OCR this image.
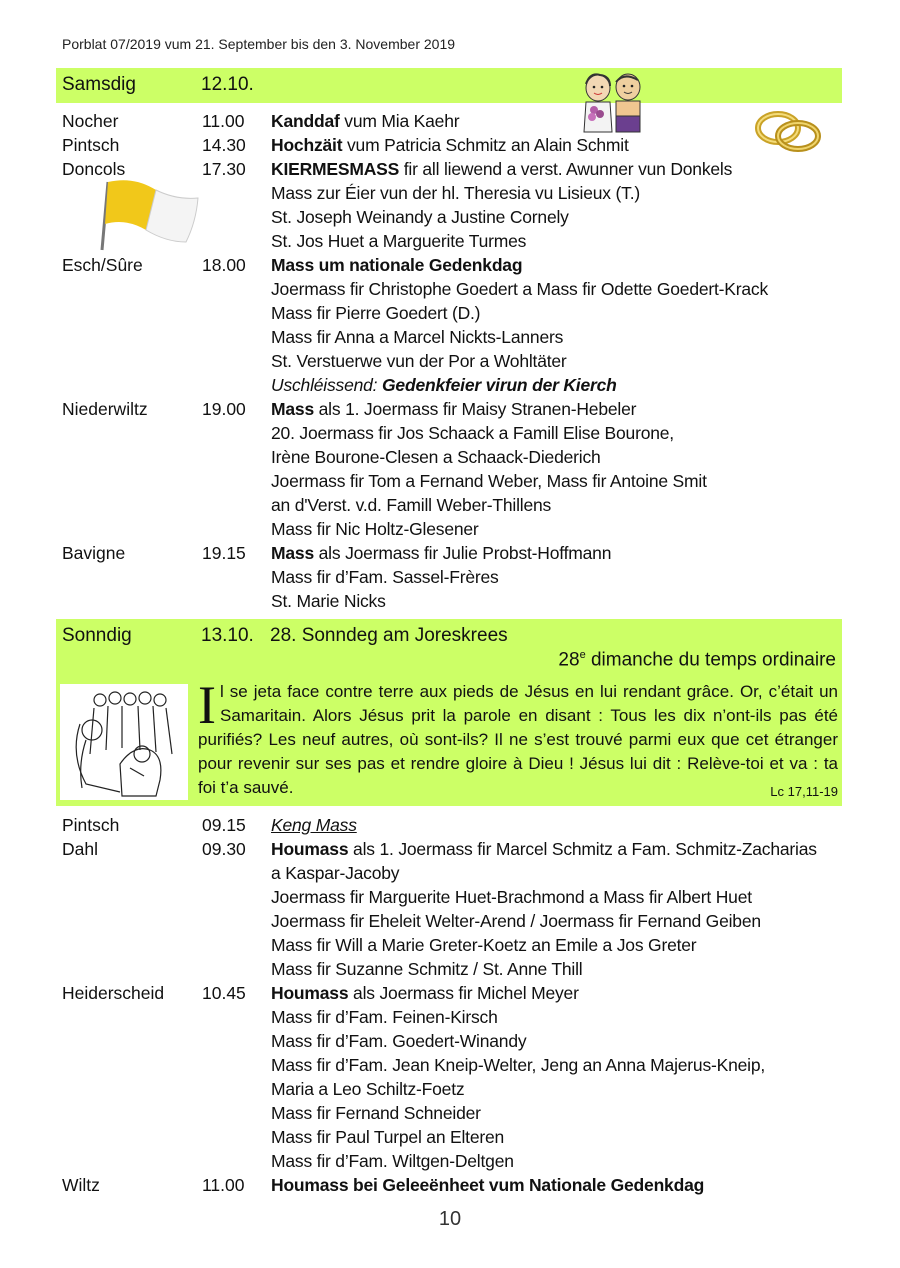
Porblat 07/2019 vum 21. September bis den 3. November 2019
Samsdig	12.10.
Nocher	11.00 Kanddaf vum Mia Kaehr
Pintsch	14.30 Hochzäit vum Patricia Schmitz an Alain Schmit
Doncols	17.30 KIERMESMASS fir all liewend a verst. Awunner vun Donkels
Mass zur Éier vun der hl. Theresia vu Lisieux (T.)
St. Joseph Weinandy a Justine Cornely
St. Jos Huet a Marguerite Turmes
Esch/Sûre	18.00 Mass um nationale Gedenkdag
Joermass fir Christophe Goedert a Mass fir Odette Goedert-Krack
Mass fir Pierre Goedert (D.)
Mass fir Anna a Marcel Nickts-Lanners
St. Verstuerwe vun der Por a Wohltäter
Uschléissend: Gedenkfeier virun der Kierch
Niederwiltz	19.00 Mass als 1. Joermass fir Maisy Stranen-Hebeler
20. Joermass fir Jos Schaack a Famill Elise Bourone,
Irène Bourone-Clesen a Schaack-Diederich
Joermass fir Tom a Fernand Weber, Mass fir Antoine Smit
an d'Verst. v.d. Famill Weber-Thillens
Mass fir Nic Holtz-Glesener
Bavigne	19.15 Mass als Joermass fir Julie Probst-Hoffmann
Mass fir d’Fam. Sassel-Frères
St. Marie Nicks
Sonndig	13.10. 28. Sonndeg am Joreskrees
28e dimanche du temps ordinaire
Il se jeta face contre terre aux pieds de Jésus en lui rendant grâce. Or, c’était un Samaritain. Alors Jésus prit la parole en disant : Tous les dix n’ont-ils pas été purifiés? Les neuf autres, où sont-ils? Il ne s’est trouvé parmi eux que cet étranger pour revenir sur ses pas et rendre gloire à Dieu ! Jésus lui dit : Relève-toi et va : ta foi t’a sauvé.	Lc 17,11-19
Pintsch	09.15 Keng Mass
Dahl	09.30 Houmass als 1. Joermass fir Marcel Schmitz a Fam. Schmitz-Zacharias
a Kaspar-Jacoby
Joermass fir Marguerite Huet-Brachmond a Mass fir Albert Huet
Joermass fir Eheleit Welter-Arend / Joermass fir Fernand Geiben
Mass fir Will a Marie Greter-Koetz an Emile a Jos Greter
Mass fir Suzanne Schmitz / St. Anne Thill
Heiderscheid 10.45 Houmass als Joermass fir Michel Meyer
Mass fir d’Fam. Feinen-Kirsch
Mass fir d’Fam. Goedert-Winandy
Mass fir d’Fam. Jean Kneip-Welter, Jeng an Anna Majerus-Kneip,
Maria a Leo Schiltz-Foetz
Mass fir Fernand Schneider
Mass fir Paul Turpel an Elteren
Mass fir d’Fam. Wiltgen-Deltgen
Wiltz	11.00 Houmass bei Geleeënheet vum Nationale Gedenkdag
10
